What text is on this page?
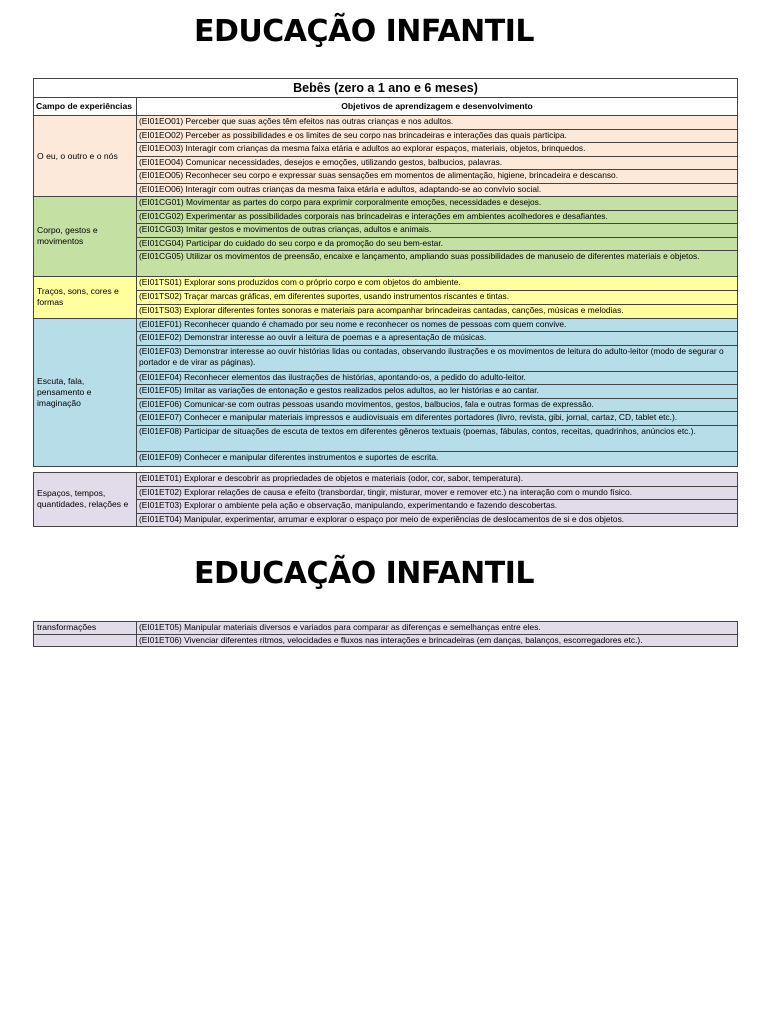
EDUCAÇÃO INFANTIL
Bebês (zero a 1 ano e 6 meses)	
Campo de experiências	Objetivos de aprendizagem e desenvolvimento
O eu, o outro e o nós	(EI01EO01) Perceber que suas ações têm efeitos nas outras crianças e nos adultos.
	(EI01EO02) Perceber as possibilidades e os limites de seu corpo nas brincadeiras e interações das quais participa.
	(EI01EO03) Interagir com crianças da mesma faixa etária e adultos ao explorar espaços, materiais, objetos, brinquedos.
	(EI01EO04) Comunicar necessidades, desejos e emoções, utilizando gestos, balbucios, palavras.
	(EI01EO05) Reconhecer seu corpo e expressar suas sensações em momentos de alimentação, higiene, brincadeira e descanso.
	(EI01EO06) Interagir com outras crianças da mesma faixa etária e adultos, adaptando-se ao convívio social.
Corpo, gestos e movimentos	(EI01CG01) Movimentar as partes do corpo para exprimir corporalmente emoções, necessidades e desejos.
	(EI01CG02) Experimentar as possibilidades corporais nas brincadeiras e interações em ambientes acolhedores e desafiantes.
	(EI01CG03) Imitar gestos e movimentos de outras crianças, adultos e animais.
	(EI01CG04) Participar do cuidado do seu corpo e da promoção do seu bem-estar.
	(EI01CG05) Utilizar os movimentos de preensão, encaixe e lançamento, ampliando suas possibilidades de manuseio de diferentes materiais e objetos.
Traços, sons, cores e formas	(EI01TS01) Explorar sons produzidos com o próprio corpo e com objetos do ambiente.
	(EI01TS02) Traçar marcas gráficas, em diferentes suportes, usando instrumentos riscantes e tintas.
	(EI01TS03) Explorar diferentes fontes sonoras e materiais para acompanhar brincadeiras cantadas, canções, músicas e melodias.
Escuta, fala, pensamento e imaginação	(EI01EF01) Reconhecer quando é chamado por seu nome e reconhecer os nomes de pessoas com quem convive.
	(EI01EF02) Demonstrar interesse ao ouvir a leitura de poemas e a apresentação de músicas.
	(EI01EF03) Demonstrar interesse ao ouvir histórias lidas ou contadas, observando ilustrações e os movimentos de leitura do adulto-leitor (modo de segurar o portador e de virar as páginas).
	(EI01EF04) Reconhecer elementos das ilustrações de histórias, apontando-os, a pedido do adulto-leitor.
	(EI01EF05) Imitar as variações de entonação e gestos realizados pelos adultos, ao ler histórias e ao cantar.
	(EI01EF06) Comunicar-se com outras pessoas usando movimentos, gestos, balbucios, fala e outras formas de expressão.
	(EI01EF07) Conhecer e manipular materiais impressos e audiovisuais em diferentes portadores (livro, revista, gibi, jornal, cartaz, CD, tablet etc.).
	(EI01EF08) Participar de situações de escuta de textos em diferentes gêneros textuais (poemas, fábulas, contos, receitas, quadrinhos, anúncios etc.).
	(EI01EF09) Conhecer e manipular diferentes instrumentos e suportes de escrita.

Espaços, tempos, quantidades, relações e	(EI01ET01) Explorar e descobrir as propriedades de objetos e materiais (odor, cor, sabor, temperatura).
	(EI01ET02) Explorar relações de causa e efeito (transbordar, tingir, misturar, mover e remover etc.) na interação com o mundo físico.
	(EI01ET03) Explorar o ambiente pela ação e observação, manipulando, experimentando e fazendo descobertas.
	(EI01ET04) Manipular, experimentar, arrumar e explorar o espaço por meio de experiências de deslocamentos de si e dos objetos.
EDUCAÇÃO INFANTIL
transformações	(EI01ET05) Manipular materiais diversos e variados para comparar as diferenças e semelhanças entre eles.
	(EI01ET06) Vivenciar diferentes ritmos, velocidades e fluxos nas interações e brincadeiras (em danças, balanços, escorregadores etc.).
